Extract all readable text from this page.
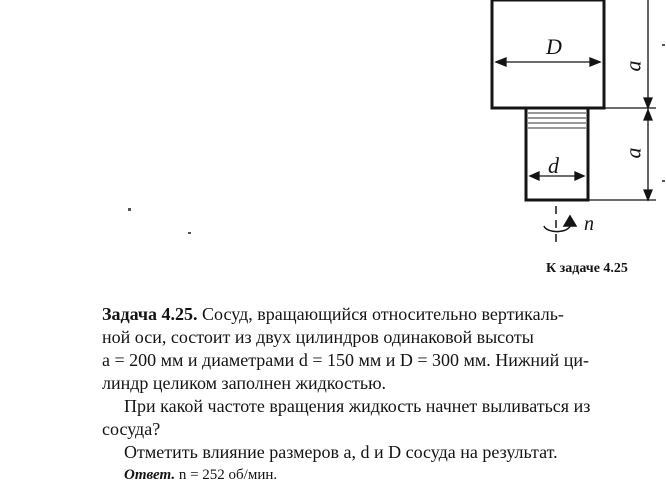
D
d
a
a
n
К задаче 4.25

Задача 4.25. Сосуд, вращающийся относительно вертикаль-

ной оси, состоит из двух цилиндров одинаковой высоты

a = 200 мм и диаметрами d = 150 мм и D = 300 мм. Нижний ци-

линдр целиком заполнен жидкостью.

При какой частоте вращения жидкость начнет выливаться из

сосуда?

Отметить влияние размеров a, d и D сосуда на результат.

Ответ. n = 252 об/мин.
